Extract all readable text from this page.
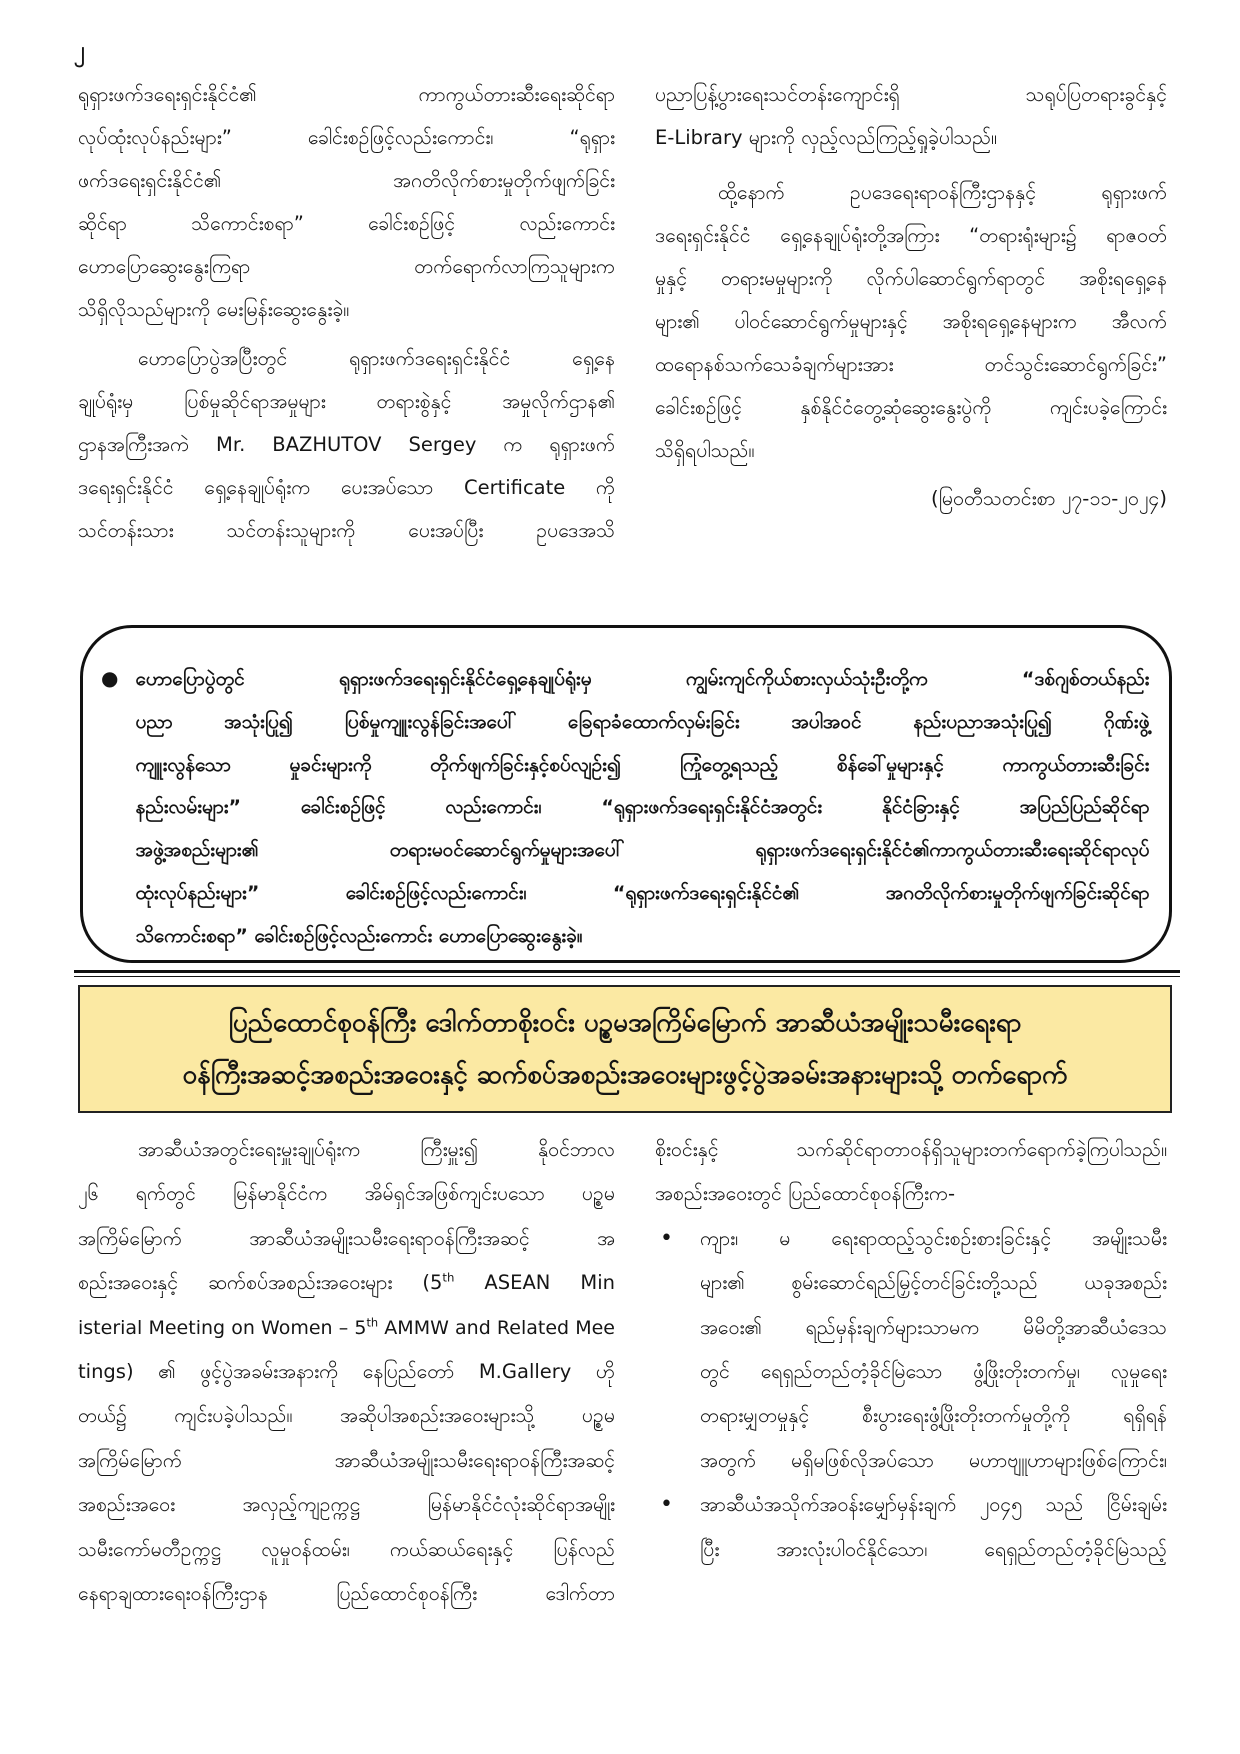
၂
ရုရှားဖက်ဒရေးရှင်းနိုင်ငံ၏ ကာကွယ်တားဆီးရေးဆိုင်ရာ
လုပ်ထုံးလုပ်နည်းများ” ခေါင်းစဉ်ဖြင့်လည်းကောင်း၊ “ရုရှား
ဖက်ဒရေးရှင်းနိုင်ငံ၏ အဂတိလိုက်စားမှုတိုက်ဖျက်ခြင်း
ဆိုင်ရာ သိကောင်းစရာ” ခေါင်းစဉ်ဖြင့် လည်းကောင်း
ဟောပြောဆွေးနွေးကြရာ တက်ရောက်လာကြသူများက
သိရှိလိုသည်များကို မေးမြန်းဆွေးနွေးခဲ့။
ဟောပြောပွဲအပြီးတွင် ရုရှားဖက်ဒရေးရှင်းနိုင်ငံ ရှေ့နေ
ချုပ်ရုံးမှ ပြစ်မှုဆိုင်ရာအမှုများ တရားစွဲနှင့် အမှုလိုက်ဌာန၏
ဌာနအကြီးအကဲ Mr. BAZHUTOV Sergey က ရုရှားဖက်
ဒရေးရှင်းနိုင်ငံ ရှေ့နေချုပ်ရုံးက ပေးအပ်သော Certificate ကို
သင်တန်းသား သင်တန်းသူများကို ပေးအပ်ပြီး ဥပဒေအသိ
ပညာပြန့်ပွားရေးသင်တန်းကျောင်းရှိ သရုပ်ပြတရားခွင်နှင့်
E-Library များကို လှည့်လည်ကြည့်ရှုခဲ့ပါသည်။
ထို့နောက် ဥပဒေရေးရာဝန်ကြီးဌာနနှင့် ရုရှားဖက်
ဒရေးရှင်းနိုင်ငံ ရှေ့နေချုပ်ရုံးတို့အကြား “တရားရုံးများ၌ ရာဇဝတ်
မှုနှင့် တရားမမှုများကို လိုက်ပါဆောင်ရွက်ရာတွင် အစိုးရရှေ့နေ
များ၏ ပါဝင်ဆောင်ရွက်မှုများနှင့် အစိုးရရှေ့နေများက အီလက်
ထရောနစ်သက်သေခံချက်များအား တင်သွင်းဆောင်ရွက်ခြင်း”
ခေါင်းစဉ်ဖြင့် နှစ်နိုင်ငံတွေ့ဆုံဆွေးနွေးပွဲကို ကျင်းပခဲ့ကြောင်း
သိရှိရပါသည်။
(မြဝတီသတင်းစာ ၂၇-၁၁-၂၀၂၄)
● ဟောပြောပွဲတွင် ရုရှားဖက်ဒရေးရှင်းနိုင်ငံရှေ့နေချုပ်ရုံးမှ ကျွမ်းကျင်ကိုယ်စားလှယ်သုံးဦးတို့က “ဒစ်ဂျစ်တယ်နည်း
ပညာ အသုံးပြု၍ ပြစ်မှုကျူးလွန်ခြင်းအပေါ် ခြေရာခံထောက်လှမ်းခြင်း အပါအဝင် နည်းပညာအသုံးပြု၍ ဂိုဏ်းဖွဲ့
ကျူးလွန်သော မှုခင်းများကို တိုက်ဖျက်ခြင်းနှင့်စပ်လျဉ်း၍ ကြုံတွေ့ရသည့် စိန်ခေါ်မှုများနှင့် ကာကွယ်တားဆီးခြင်း
နည်းလမ်းများ” ခေါင်းစဉ်ဖြင့် လည်းကောင်း၊ “ရုရှားဖက်ဒရေးရှင်းနိုင်ငံအတွင်း နိုင်ငံခြားနှင့် အပြည်ပြည်ဆိုင်ရာ
အဖွဲ့အစည်းများ၏ တရားမဝင်ဆောင်ရွက်မှုများအပေါ် ရုရှားဖက်ဒရေးရှင်းနိုင်ငံ၏ကာကွယ်တားဆီးရေးဆိုင်ရာလုပ်
ထုံးလုပ်နည်းများ” ခေါင်းစဉ်ဖြင့်လည်းကောင်း၊ “ရုရှားဖက်ဒရေးရှင်းနိုင်ငံ၏ အဂတိလိုက်စားမှုတိုက်ဖျက်ခြင်းဆိုင်ရာ
သိကောင်းစရာ” ခေါင်းစဉ်ဖြင့်လည်းကောင်း ဟောပြောဆွေးနွေးခဲ့။
ပြည်ထောင်စုဝန်ကြီး ဒေါက်တာစိုးဝင်း ပဉ္စမအကြိမ်မြောက် အာဆီယံအမျိုးသမီးရေးရာ
ဝန်ကြီးအဆင့်အစည်းအဝေးနှင့် ဆက်စပ်အစည်းအဝေးများဖွင့်ပွဲအခမ်းအနားများသို့ တက်ရောက်
အာဆီယံအတွင်းရေးမှူးချုပ်ရုံးက ကြီးမှူး၍ နိုဝင်ဘာလ
၂၆ ရက်တွင် မြန်မာနိုင်ငံက အိမ်ရှင်အဖြစ်ကျင်းပသော ပဉ္စမ
အကြိမ်မြောက် အာဆီယံအမျိုးသမီးရေးရာဝန်ကြီးအဆင့် အ
စည်းအဝေးနှင့် ဆက်စပ်အစည်းအဝေးများ (5th ASEAN Min
isterial Meeting on Women – 5th AMMW and Related Mee
tings) ၏ ဖွင့်ပွဲအခမ်းအနားကို နေပြည်တော် M.Gallery ဟို
တယ်၌ ကျင်းပခဲ့ပါသည်။ အဆိုပါအစည်းအဝေးများသို့ ပဉ္စမ
အကြိမ်မြောက် အာဆီယံအမျိုးသမီးရေးရာဝန်ကြီးအဆင့်
အစည်းအဝေး အလှည့်ကျဥက္ကဋ္ဌ မြန်မာနိုင်ငံလုံးဆိုင်ရာအမျိုး
သမီးကော်မတီဥက္ကဋ္ဌ လူမှုဝန်ထမ်း၊ ကယ်ဆယ်ရေးနှင့် ပြန်လည်
နေရာချထားရေးဝန်ကြီးဌာန ပြည်ထောင်စုဝန်ကြီး ဒေါက်တာ
စိုးဝင်းနှင့် သက်ဆိုင်ရာတာဝန်ရှိသူများတက်ရောက်ခဲ့ကြပါသည်။
အစည်းအဝေးတွင် ပြည်ထောင်စုဝန်ကြီးက-
• ကျား၊ မ ရေးရာထည့်သွင်းစဉ်းစားခြင်းနှင့် အမျိုးသမီး
များ၏ စွမ်းဆောင်ရည်မြှင့်တင်ခြင်းတို့သည် ယခုအစည်း
အဝေး၏ ရည်မှန်းချက်များသာမက မိမိတို့အာဆီယံဒေသ
တွင် ရေရှည်တည်တံ့ခိုင်မြဲသော ဖွံ့ဖြိုးတိုးတက်မှု၊ လူမှုရေး
တရားမျှတမှုနှင့် စီးပွားရေးဖွံ့ဖြိုးတိုးတက်မှုတို့ကို ရရှိရန်
အတွက် မရှိမဖြစ်လိုအပ်သော မဟာဗျူဟာများဖြစ်ကြောင်း၊
• အာဆီယံအသိုက်အဝန်းမျှော်မှန်းချက် ၂၀၄၅ သည် ငြိမ်းချမ်း
ပြီး အားလုံးပါဝင်နိုင်သော၊ ရေရှည်တည်တံ့ခိုင်မြဲသည့်
